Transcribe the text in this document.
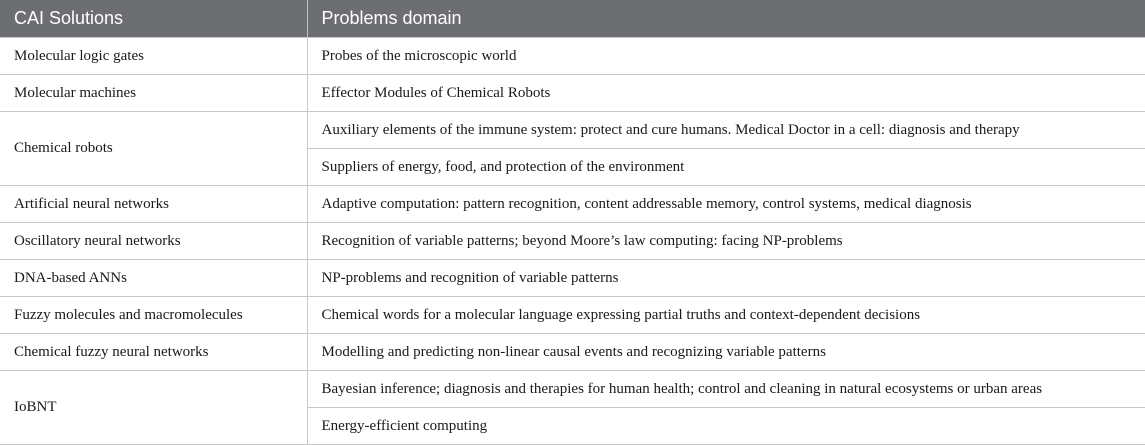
CAI Solutions	Problems domain
Molecular logic gates	Probes of the microscopic world
Molecular machines	Effector Modules of Chemical Robots
Chemical robots	Auxiliary elements of the immune system: protect and cure humans. Medical Doctor in a cell: diagnosis and therapy
	Suppliers of energy, food, and protection of the environment
Artificial neural networks	Adaptive computation: pattern recognition, content addressable memory, control systems, medical diagnosis
Oscillatory neural networks	Recognition of variable patterns; beyond Moore’s law computing: facing NP-problems
DNA-based ANNs	NP-problems and recognition of variable patterns
Fuzzy molecules and macromolecules	Chemical words for a molecular language expressing partial truths and context-dependent decisions
Chemical fuzzy neural networks	Modelling and predicting non-linear causal events and recognizing variable patterns
IoBNT	Bayesian inference; diagnosis and therapies for human health; control and cleaning in natural ecosystems or urban areas
	Energy-efficient computing
